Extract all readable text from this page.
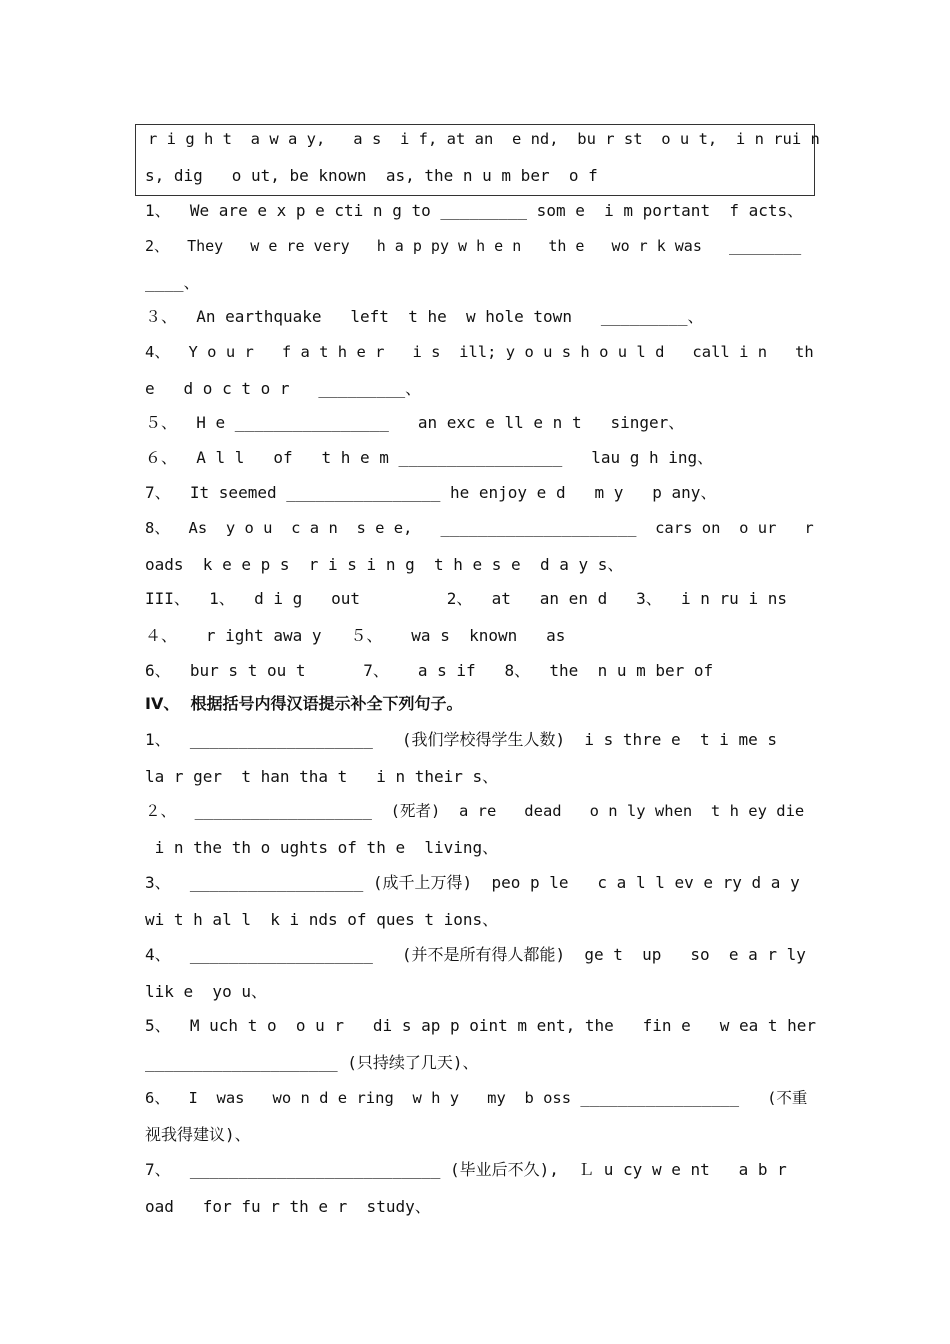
r i g h t  a w a y,   a s  i f, at an  e nd,  bu r st  o u t,  i n rui n
s, dig   o ut, be known  as, the n u m ber  o f
1、  We are e x p e cti n g to _________ som e  i m portant  f acts、
2、  They   w e re very   h a p py w h e n   th e   wo r k was   ________
____、
３、  An earthquake   left  t he  w hole town   _________、
4、  Y o u r   f a t h e r   i s  ill; y o u s h o u l d   call i n   th
e   d o c t o r   _________、
５、  H e ________________   an exc e ll e n t   singer、
６、  A l l   of   t h e m _________________   lau g h ing、
7、  It seemed ________________ he enjoy e d   m y   p any、
8、  As  y o u  c a n  s e e,   _____________________  cars on  o ur   r
oads  k e e p s  r i s i n g  t h e s e  d a y s、
III、  1、  d i g   out         2、  at   an en d   3、  i n ru i ns
４、   r ight awa y   ５、   wa s  known   as
6、  bur s t ou t      7、   a s if   8、  the  n u m ber of
IV、  根据括号内得汉语提示补全下列句子。
1、  ___________________   (我们学校得学生人数)  i s thre e  t i me s
la r ger  t han tha t   i n their s、
２、  ___________________  (死者)  a re   dead   o n ly when  t h ey die
i n the th o ughts of th e  living、
3、  __________________ (成千上万得)  peo p le   c a l l ev e ry d a y
wi t h al l  k i nds of ques t ions、
4、  ___________________   (并不是所有得人都能)  ge t  up   so  e a r ly
lik e  yo u、
5、  M uch t o  o u r   di s ap p oint m ent, the   fin e   w ea t her
____________________ (只持续了几天)、
6、  I  was   wo n d e ring  w h y   my  b oss _________________   (不重
视我得建议)、
7、  __________________________ (毕业后不久),  Ｌ u cy w e nt   a b r
oad   for fu r th e r  study、
